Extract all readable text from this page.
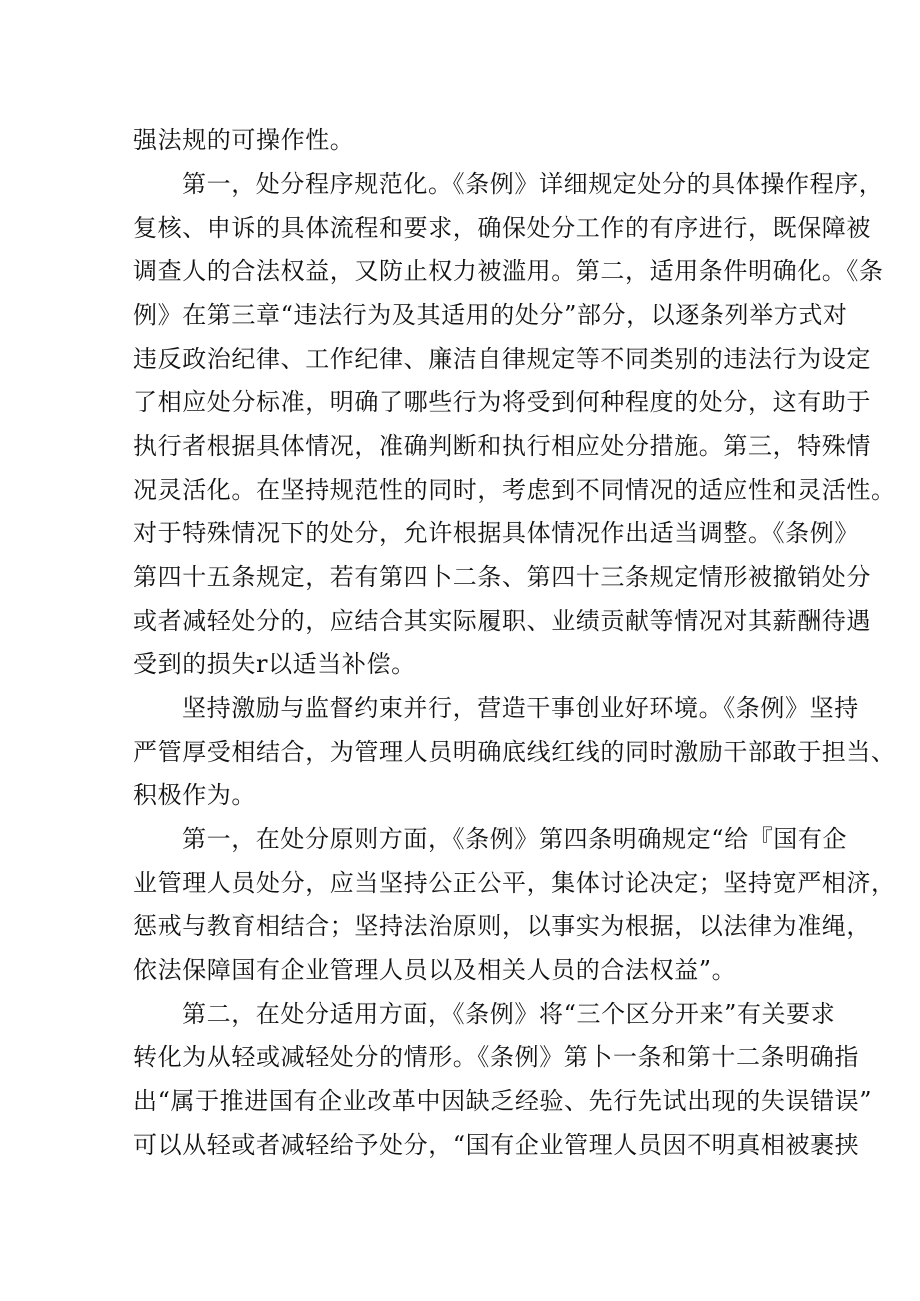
强法规的可操作性。
第一，处分程序规范化。《条例》详细规定处分的具体操作程序，
复核、申诉的具体流程和要求，确保处分工作的有序进行，既保障被
调查人的合法权益，又防止权力被滥用。第二，适用条件明确化。《条
例》在第三章“违法行为及其适用的处分”部分，以逐条列举方式对
违反政治纪律、工作纪律、廉洁自律规定等不同类别的违法行为设定
了相应处分标准，明确了哪些行为将受到何种程度的处分，这有助于
执行者根据具体情况，准确判断和执行相应处分措施。第三，特殊情
况灵活化。在坚持规范性的同时，考虑到不同情况的适应性和灵活性。
对于特殊情况下的处分，允许根据具体情况作出适当调整。《条例》
第四十五条规定，若有第四卜二条、第四十三条规定情形被撤销处分
或者减轻处分的，应结合其实际履职、业绩贡献等情况对其薪酬待遇
受到的损失r以适当补偿。
坚持激励与监督约束并行，营造干事创业好环境。《条例》坚持
严管厚受相结合，为管理人员明确底线红线的同时激励干部敢于担当、
积极作为。
第一，在处分原则方面，《条例》第四条明确规定“给『国有企
业管理人员处分，应当坚持公正公平，集体讨论决定；坚持宽严相济，
惩戒与教育相结合；坚持法治原则，以事实为根据，以法律为准绳，
依法保障国有企业管理人员以及相关人员的合法权益”。
第二，在处分适用方面，《条例》将“三个区分开来”有关要求
转化为从轻或减轻处分的情形。《条例》第卜一条和第十二条明确指
出“属于推进国有企业改革中因缺乏经验、先行先试出现的失误错误”
可以从轻或者减轻给予处分，“国有企业管理人员因不明真相被裹挟
